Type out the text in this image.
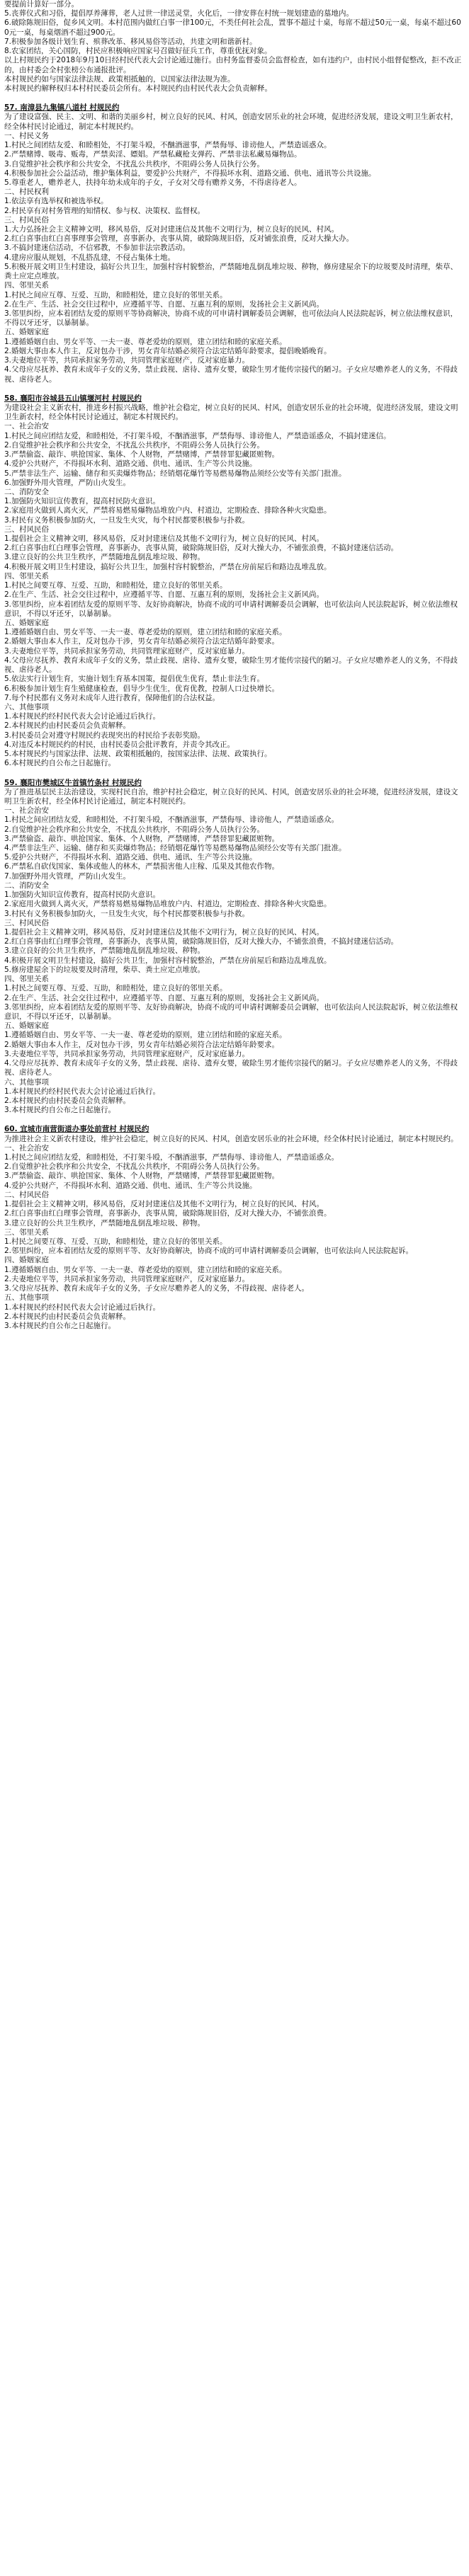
要提前计算好一部分。

5.丧葬仪式和习俗，提倡厚养薄葬，老人过世一律送灵堂，火化后，一律安葬在村统一规划建造的墓地内。

6.破除陈规旧俗，促乡风文明。本村范围内做红白事一律100元，不类任何社会乱，置事不超过十桌，每席不超过50元一桌，每桌不超过600元一桌，每桌烟酒不超过900元。

7.积极参加各级计划生育、殡葬改革、移风易俗等活动，共建文明和谐新村。

8.农家团结，关心国防，村民应积极响应国家号召做好征兵工作，尊重优抚对象。

以上村规民约于2018年9月10日经村民代表大会讨论通过施行。由村务监督委员会监督检查，如有违约户，由村民小组督促整改，拒不改正的，由村委会全村张榜公布通报批评。

本村规民约如与国家法律法规、政策相抵触的，以国家法律法规为准。

本村规民约解释权归本村村民委员会所有。本村规民约由村民代表大会负责解释。

57. 南漳县九集镇八道村 村规民约

为了建设富强、民主、文明、和谐的美丽乡村，树立良好的民风、村风，创造安居乐业的社会环境，促进经济发展，建设文明卫生新农村，经全体村民讨论通过，制定本村规民约。

一、村民义务

1.村民之间团结友爱、和睦相处，不打架斗殴，不酗酒滋事，严禁侮辱、诽谤他人，严禁造谣惑众。

2.严禁赌博、吸毒、贩毒，严禁卖淫、嫖娼。严禁私藏枪支弹药、严禁非法私藏易爆物品。

3.自觉维护社会秩序和公共安全，不扰乱公共秩序，不阻碍公务人员执行公务。

4.积极参加社会公益活动，维护集体利益，要爱护公共财产，不得损坏水利、道路交通、供电、通讯等公共设施。

5.尊重老人，赡养老人，扶持年幼未成年的子女，子女对父母有赡养义务，不得虐待老人。

二、村民权利

1.依法享有选举权和被选举权。

2.村民享有对村务管理的知情权、参与权、决策权、监督权。

三、村风民俗

1.大力弘扬社会主义精神文明，移风易俗，反对封建迷信及其他不文明行为，树立良好的民风、村风。

2.红白喜事由红白喜事理事会管理，喜事新办，丧事从简，破除陈规旧俗，反对铺张浪费，反对大操大办。

3.不搞封建迷信活动，不信邪教，不参加非法宗教活动。

4.建房应服从规划，不乱搭乱建，不侵占集体土地。

5.积极开展文明卫生村建设，搞好公共卫生，加强村容村貌整治，严禁随地乱倒乱堆垃圾、秽物，修房建屋余下的垃圾要及时清理，柴草、粪土应定点堆放。

四、邻里关系

1.村民之间应互尊、互爱、互助，和睦相处，建立良好的邻里关系。

2.在生产、生活、社会交往过程中，应遵循平等、自愿、互惠互利的原则，发扬社会主义新风尚。

3.邻里纠纷，应本着团结友爱的原则平等协商解决，协商不成的可申请村调解委员会调解，也可依法向人民法院起诉，树立依法维权意识，不得以牙还牙，以暴制暴。

五、婚姻家庭

1.遵循婚姻自由、男女平等、一夫一妻、尊老爱幼的原则，建立团结和睦的家庭关系。

2.婚姻大事由本人作主，反对包办干涉，男女青年结婚必须符合法定结婚年龄要求，提倡晚婚晚育。

3.夫妻地位平等，共同承担家务劳动，共同管理家庭财产，反对家庭暴力。

4.父母应尽抚养、教育未成年子女的义务，禁止歧视、虐待、遗弃女婴，破除生男才能传宗接代的陋习。子女应尽赡养老人的义务，不得歧视、虐待老人。

58. 襄阳市谷城县五山镇堰河村 村规民约

为建设社会主义新农村，推进乡村振兴战略，维护社会稳定，树立良好的民风、村风，创造安居乐业的社会环境，促进经济发展，建设文明卫生新农村，经全体村民讨论通过，制定本村规民约。

一、社会治安

1.村民之间应团结友爱，和睦相处，不打架斗殴，不酗酒滋事，严禁侮辱、诽谤他人，严禁造谣惑众，不搞封建迷信。

2.自觉维护社会秩序和公共安全，不扰乱公共秩序，不阻碍公务人员执行公务。

3.严禁偷盗、敲诈、哄抢国家、集体、个人财物，严禁赌博，严禁替罪犯藏匿赃物。

4.爱护公共财产，不得损坏水利、道路交通、供电、通讯、生产等公共设施。

5.严禁非法生产、运输、储存和买卖爆炸物品；经销烟花爆竹等易燃易爆物品须经公安等有关部门批准。

6.加强野外用火管理，严防山火发生。

二、消防安全

1.加强防火知识宣传教育，提高村民防火意识。

2.家庭用火做到人离火灭，严禁将易燃易爆物品堆放户内、村道边，定期检查、排除各种火灾隐患。

3.村民有义务积极参加防火，一旦发生火灾，每个村民都要积极参与扑救。

三、村风民俗

1.提倡社会主义精神文明，移风易俗，反对封建迷信及其他不文明行为，树立良好的民风、村风。

2.红白喜事由红白理事会管理，喜事新办，丧事从简，破除陈规旧俗，反对大操大办，不铺张浪费，不搞封建迷信活动。

3.建立良好的公共卫生秩序，严禁随地乱倒乱堆垃圾、秽物。

4.积极开展文明卫生村建设，搞好公共卫生，加强村容村貌整治，严禁在房前屋后和路边乱堆乱放。

四、邻里关系

1.村民之间要互尊、互爱、互助，和睦相处，建立良好的邻里关系。

2.在生产、生活、社会交往过程中，应遵循平等、自愿、互惠互利的原则，发扬社会主义新风尚。

3.邻里纠纷，应本着团结友爱的原则平等、友好协商解决，协商不成的可申请村调解委员会调解，也可依法向人民法院起诉，树立依法维权意识，不得以牙还牙，以暴制暴。

五、婚姻家庭

1.遵循婚姻自由、男女平等、一夫一妻、尊老爱幼的原则，建立团结和睦的家庭关系。

2.婚姻大事由本人作主，反对包办干涉，男女青年结婚必须符合法定结婚年龄要求。

3.夫妻地位平等，共同承担家务劳动，共同管理家庭财产，反对家庭暴力。

4.父母应尽抚养、教育未成年子女的义务，禁止歧视、虐待、遗弃女婴，破除生男才能传宗接代的陋习。子女应尽赡养老人的义务，不得歧视、虐待老人。

5.依法实行计划生育，实施计划生育基本国策，提倡优生优育，禁止非法生育。

6.积极参加计划生育生殖健康检查，倡导少生优生，优育优教，控制人口过快增长。

7.每个村民都有义务对未成年人进行教育，保障他们的合法权益。

六、其他事项

1.本村规民约经村民代表大会讨论通过后执行。

2.本村规民约由村民委员会负责解释。

3.村民委员会对遵守村规民约表现突出的村民给予表彰奖励。

4.对违反本村规民约的村民，由村民委员会批评教育，并责令其改正。

5.本村规民约与国家法律、法规、政策相抵触的，按国家法律、法规、政策执行。

6.本村规民约自公布之日起施行。

59. 襄阳市樊城区牛首镇竹条村 村规民约

为了推进基层民主法治建设，实现村民自治，维护村社会稳定，树立良好的民风、村风，创造安居乐业的社会环境，促进经济发展，建设文明卫生新农村，经全体村民讨论通过，制定本村规民约。

一、社会治安

1.村民之间应团结友爱，和睦相处，不打架斗殴，不酗酒滋事，严禁侮辱、诽谤他人，严禁造谣惑众。

2.自觉维护社会秩序和公共安全，不扰乱公共秩序，不阻碍公务人员执行公务。

3.严禁偷盗、敲诈、哄抢国家、集体、个人财物，严禁赌博，严禁替罪犯藏匿赃物。

4.严禁非法生产、运输、储存和买卖爆炸物品；经销烟花爆竹等易燃易爆物品须经公安等有关部门批准。

5.爱护公共财产，不得损坏水利、道路交通、供电、通讯、生产等公共设施。

6.严禁私自砍伐国家、集体或他人的林木，严禁损害他人庄稼、瓜果及其他农作物。

7.加强野外用火管理，严防山火发生。

二、消防安全

1.加强防火知识宣传教育，提高村民防火意识。

2.家庭用火做到人离火灭，严禁将易燃易爆物品堆放户内、村道边，定期检查、排除各种火灾隐患。

3.村民有义务积极参加防火，一旦发生火灾，每个村民都要积极参与扑救。

三、村风民俗

1.提倡社会主义精神文明，移风易俗，反对封建迷信及其他不文明行为，树立良好的民风、村风。

2.红白喜事由红白理事会管理，喜事新办，丧事从简，破除陈规旧俗，反对大操大办，不铺张浪费，不搞封建迷信活动。

3.建立良好的公共卫生秩序，严禁随地乱倒乱堆垃圾、秽物。

4.积极开展文明卫生村建设，搞好公共卫生，加强村容村貌整治，严禁在房前屋后和路边乱堆乱放。

5.修房建屋余下的垃圾要及时清理，柴草、粪土应定点堆放。

四、邻里关系

1.村民之间要互尊、互爱、互助，和睦相处，建立良好的邻里关系。

2.在生产、生活、社会交往过程中，应遵循平等、自愿、互惠互利的原则，发扬社会主义新风尚。

3.邻里纠纷，应本着团结友爱的原则平等、友好协商解决，协商不成的可申请村调解委员会调解，也可依法向人民法院起诉，树立依法维权意识，不得以牙还牙，以暴制暴。

五、婚姻家庭

1.遵循婚姻自由、男女平等、一夫一妻、尊老爱幼的原则，建立团结和睦的家庭关系。

2.婚姻大事由本人作主，反对包办干涉，男女青年结婚必须符合法定结婚年龄要求。

3.夫妻地位平等，共同承担家务劳动，共同管理家庭财产，反对家庭暴力。

4.父母应尽抚养、教育未成年子女的义务，禁止歧视、虐待、遗弃女婴，破除生男才能传宗接代的陋习。子女应尽赡养老人的义务，不得歧视、虐待老人。

六、其他事项

1.本村规民约经村民代表大会讨论通过后执行。

2.本村规民约由村民委员会负责解释。

3.本村规民约自公布之日起施行。

60. 宜城市南营街道办事处前营村 村规民约

为推进社会主义新农村建设，维护社会稳定，树立良好的民风、村风，创造安居乐业的社会环境，经全体村民讨论通过，制定本村规民约。

一、社会治安

1.村民之间应团结友爱，和睦相处，不打架斗殴，不酗酒滋事，严禁侮辱、诽谤他人，严禁造谣惑众。

2.自觉维护社会秩序和公共安全，不扰乱公共秩序，不阻碍公务人员执行公务。

3.严禁偷盗、敲诈、哄抢国家、集体、个人财物，严禁赌博，严禁替罪犯藏匿赃物。

4.爱护公共财产，不得损坏水利、道路交通、供电、通讯、生产等公共设施。

二、村风民俗

1.提倡社会主义精神文明，移风易俗，反对封建迷信及其他不文明行为，树立良好的民风、村风。

2.红白喜事由红白理事会管理，喜事新办，丧事从简，破除陈规旧俗，反对大操大办，不铺张浪费。

3.建立良好的公共卫生秩序，严禁随地乱倒乱堆垃圾、秽物。

三、邻里关系

1.村民之间要互尊、互爱、互助，和睦相处，建立良好的邻里关系。

2.邻里纠纷，应本着团结友爱的原则平等、友好协商解决，协商不成的可申请村调解委员会调解，也可依法向人民法院起诉。

四、婚姻家庭

1.遵循婚姻自由、男女平等、一夫一妻、尊老爱幼的原则，建立团结和睦的家庭关系。

2.夫妻地位平等，共同承担家务劳动，共同管理家庭财产，反对家庭暴力。

3.父母应尽抚养、教育未成年子女的义务，子女应尽赡养老人的义务，不得歧视、虐待老人。

五、其他事项

1.本村规民约经村民代表大会讨论通过后执行。

2.本村规民约由村民委员会负责解释。

3.本村规民约自公布之日起施行。
